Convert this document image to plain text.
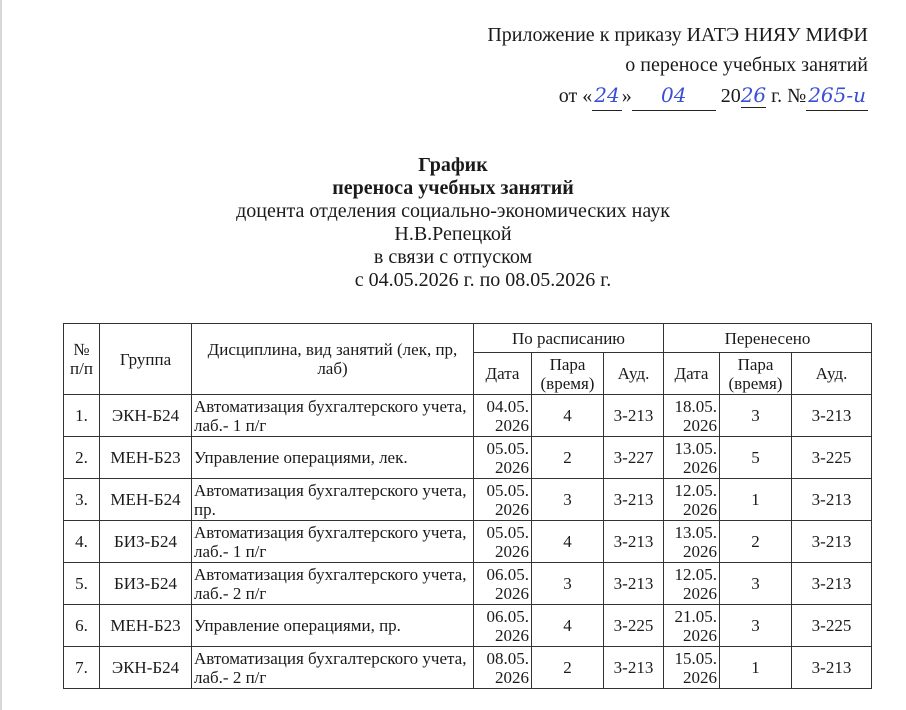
Приложение к приказу ИАТЭ НИЯУ МИФИ
о переносе учебных занятий
от « 24 » 04 2026 г. № 265-и
График
переноса учебных занятий
доцента отделения социально-экономических наук
Н.В.Репецкой
в связи с отпуском
с 04.05.2026 г. по 08.05.2026 г.
№ п/п	Группа	Дисциплина, вид занятий (лек, пр, лаб)	По расписанию			Перенесено		
			Дата	Пара (время)	Ауд.	Дата	Пара (время)	Ауд.
1.	ЭКН-Б24	Автоматизация бухгалтерского учета, лаб.- 1 п/г	04.05. 2026	4	3-213	18.05. 2026	3	3-213
2.	МЕН-Б23	Управление операциями, лек.	05.05. 2026	2	3-227	13.05. 2026	5	3-225
3.	МЕН-Б24	Автоматизация бухгалтерского учета, пр.	05.05. 2026	3	3-213	12.05. 2026	1	3-213
4.	БИЗ-Б24	Автоматизация бухгалтерского учета, лаб.- 1 п/г	05.05. 2026	4	3-213	13.05. 2026	2	3-213
5.	БИЗ-Б24	Автоматизация бухгалтерского учета, лаб.- 2 п/г	06.05. 2026	3	3-213	12.05. 2026	3	3-213
6.	МЕН-Б23	Управление операциями, пр.	06.05. 2026	4	3-225	21.05. 2026	3	3-225
7.	ЭКН-Б24	Автоматизация бухгалтерского учета, лаб.- 2 п/г	08.05. 2026	2	3-213	15.05. 2026	1	3-213
